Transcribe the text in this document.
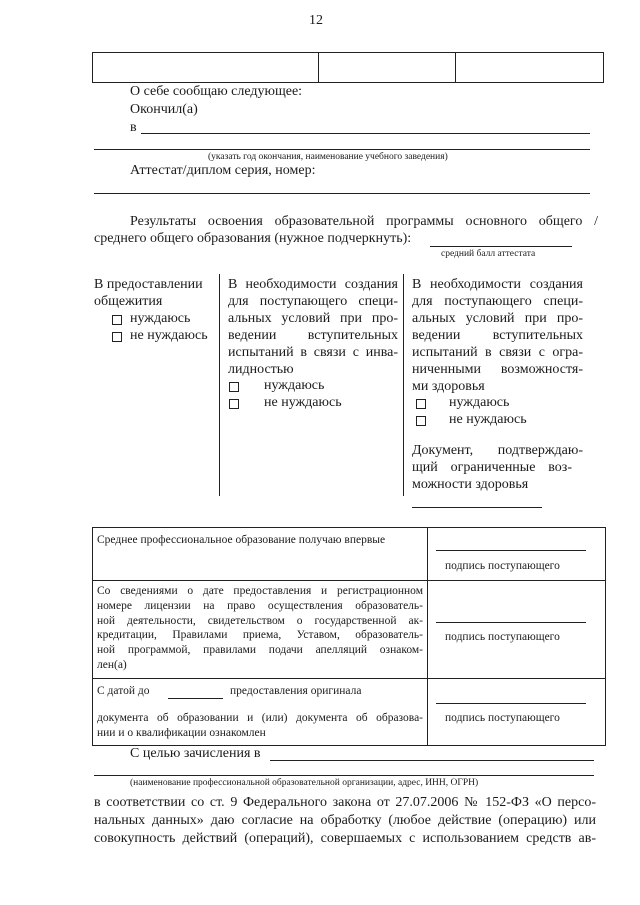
12
О себе сообщаю следующее:
Окончил(а)
в
(указать год окончания, наименование учебного заведения)
Аттестат/диплом серия, номер:
Результаты освоения образовательной программы основного общего /
среднего общего образования (нужное подчеркнуть):
средний балл аттестата
В предоставлении
общежития
нуждаюсь
не нуждаюсь
В необходимости создания
для поступающего специ-
альных условий при про-
ведении вступительных
испытаний в связи с инва-
лидностью
нуждаюсь
не нуждаюсь
В необходимости создания
для поступающего специ-
альных условий при про-
ведении вступительных
испытаний в связи с огра-
ниченными возможностя-
ми здоровья
нуждаюсь
не нуждаюсь
Документ, подтверждаю-
щий ограниченные воз-
можности здоровья
Среднее профессиональное образование получаю впервые
подпись поступающего
Со сведениями о дате предоставления и регистрационном
номере лицензии на право осуществления образователь-
ной деятельности, свидетельством о государственной ак-
кредитации, Правилами приема, Уставом, образователь-
ной программой, правилами подачи апелляций ознаком-
лен(а)
подпись поступающего
С датой до	предоставления оригинала
документа об образовании и (или) документа об образова-
нии и о квалификации ознакомлен
подпись поступающего
С целью зачисления в
(наименование профессиональной образовательной организации, адрес, ИНН, ОГРН)
в соответствии со ст. 9 Федерального закона от 27.07.2006 № 152-ФЗ «О персо-
нальных данных» даю согласие на обработку (любое действие (операцию) или
совокупность действий (операций), совершаемых с использованием средств ав-
